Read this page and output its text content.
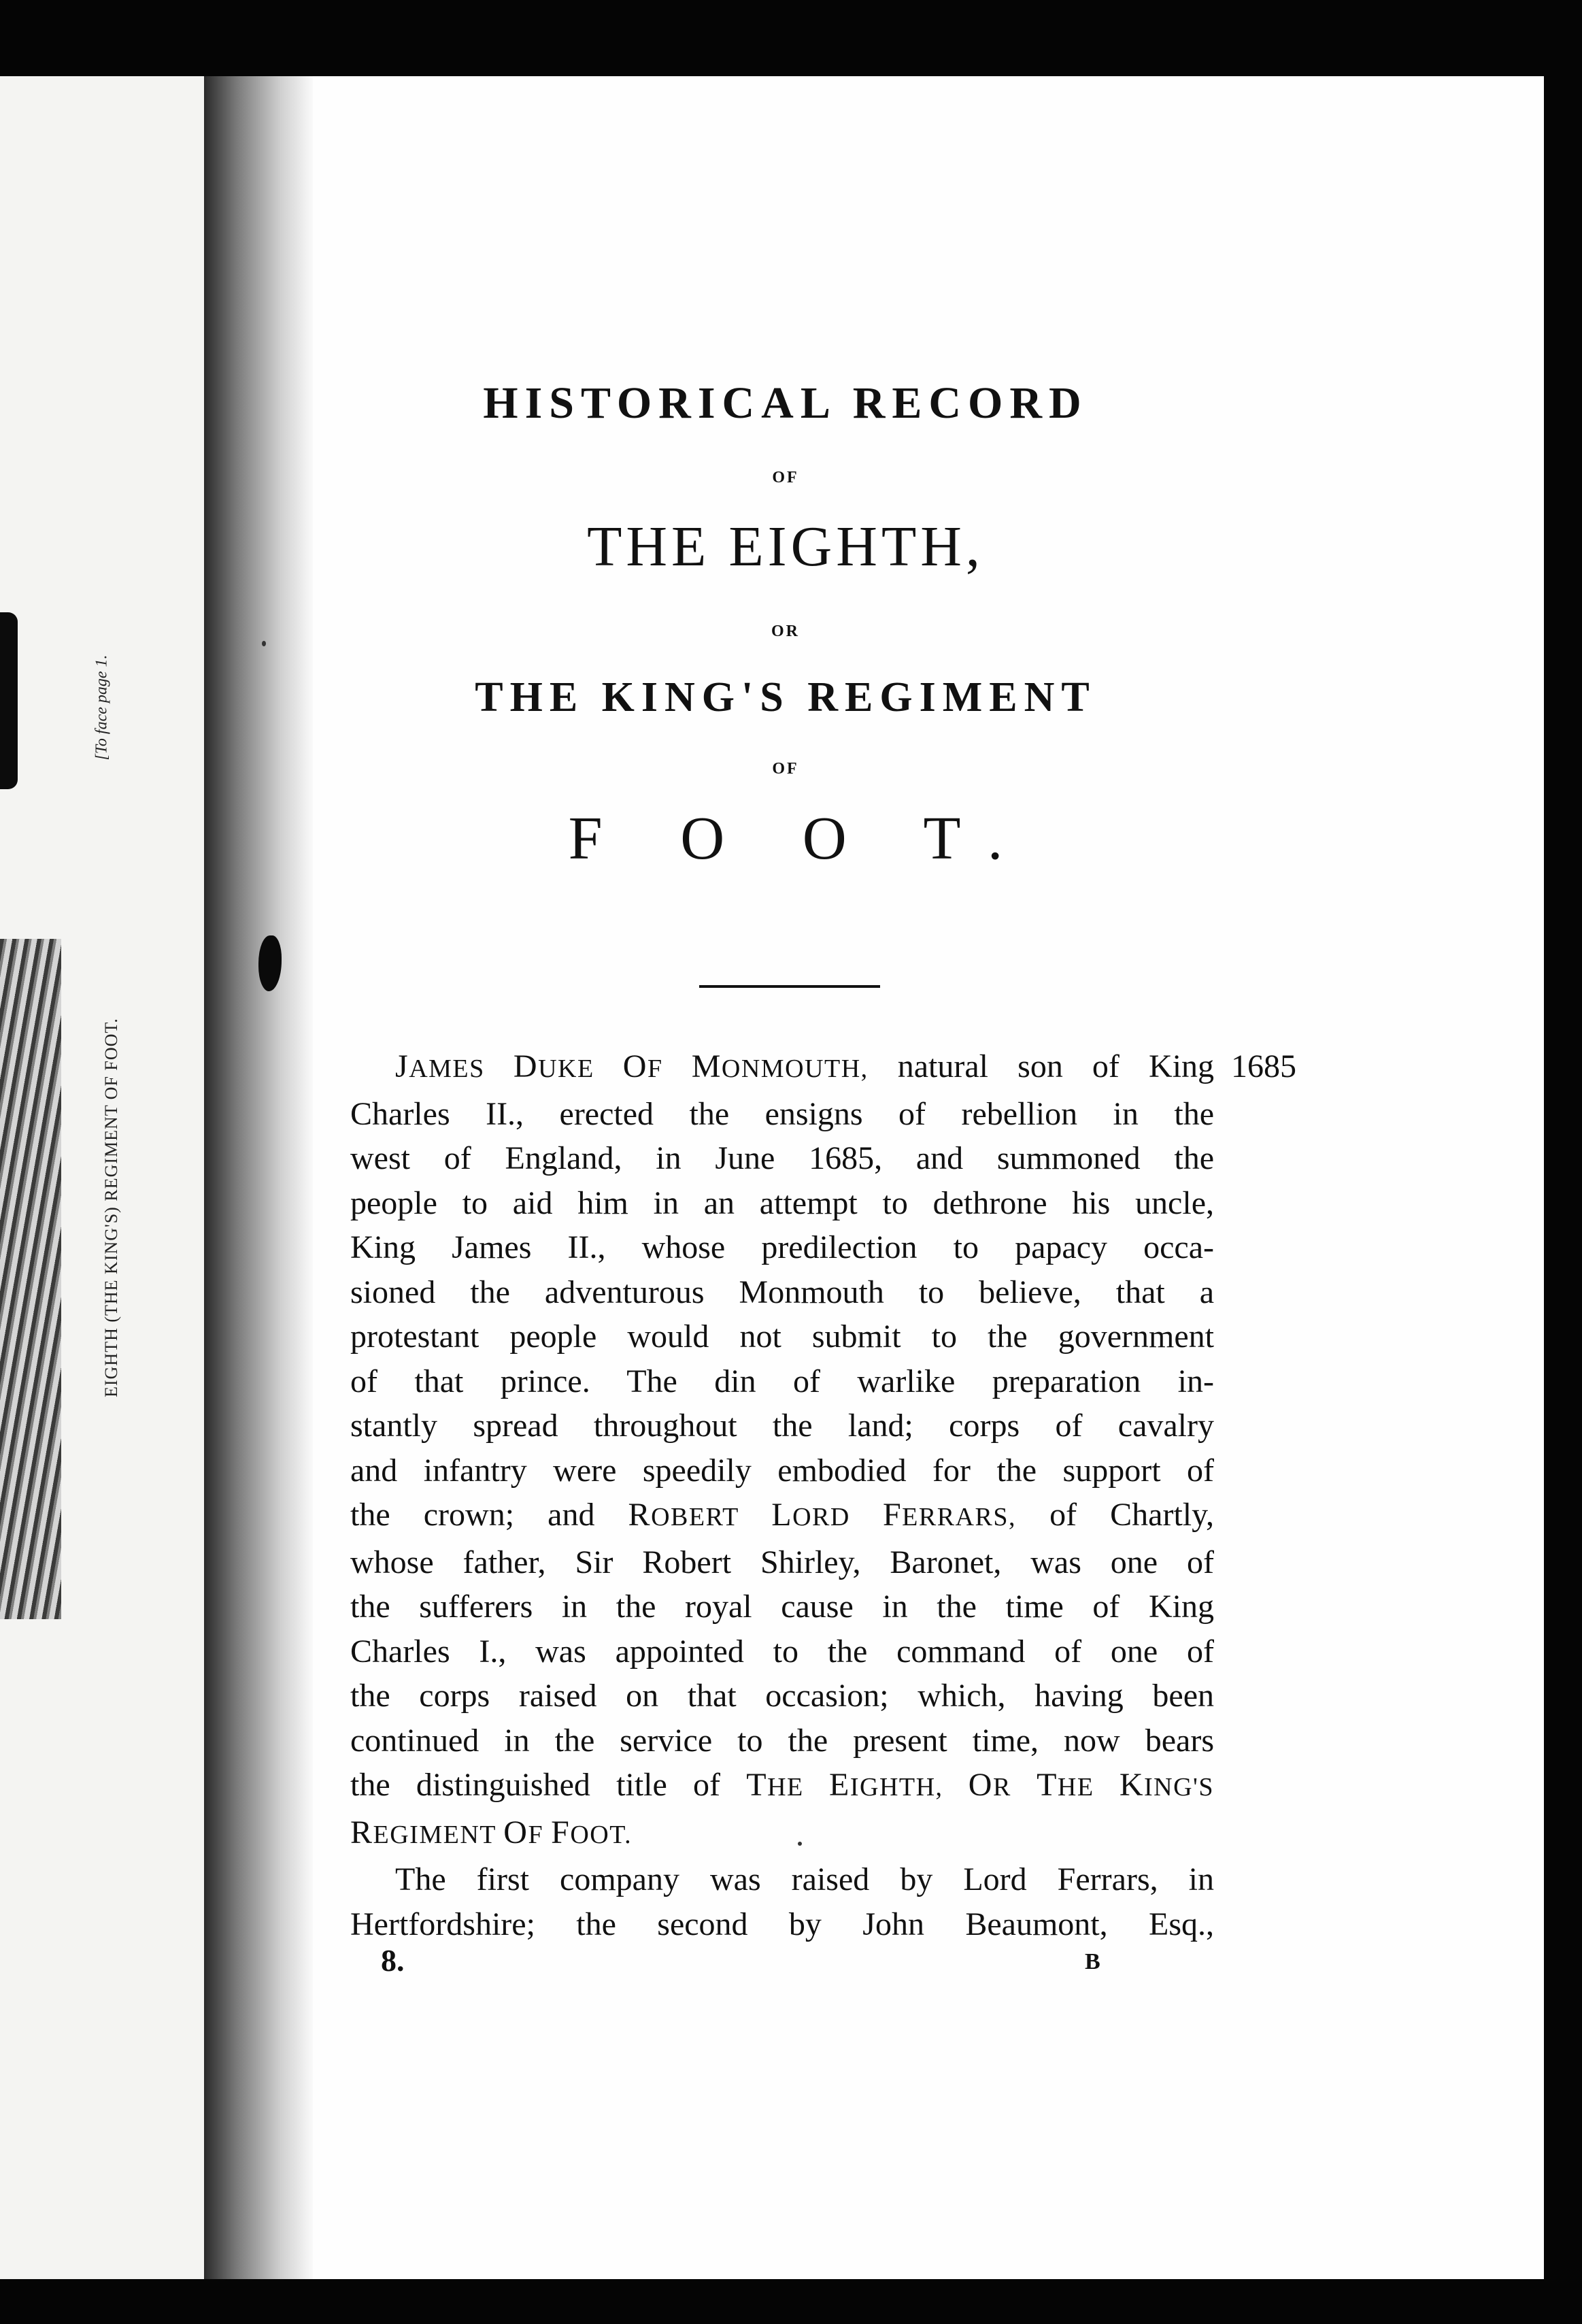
[To face page 1.
EIGHTH (THE KING'S) REGIMENT OF FOOT.
HISTORICAL RECORD
OF
THE EIGHTH,
OR
THE KING'S REGIMENT
OF
F O O T.
1685

JAMES DUKE OF MONMOUTH, natural son of King

Charles II., erected the ensigns of rebellion in the

west of England, in June 1685, and summoned the

people to aid him in an attempt to dethrone his uncle,

King James II., whose predilection to papacy occa-

sioned the adventurous Monmouth to believe, that a

protestant people would not submit to the government

of that prince. The din of warlike preparation in-

stantly spread throughout the land; corps of cavalry

and infantry were speedily embodied for the support of

the crown; and ROBERT LORD FERRARS, of Chartly,

whose father, Sir Robert Shirley, Baronet, was one of

the sufferers in the royal cause in the time of King

Charles I., was appointed to the command of one of

the corps raised on that occasion; which, having been

continued in the service to the present time, now bears

the distinguished title of THE EIGHTH, OR THE KING'S

REGIMENT OF FOOT.

The first company was raised by Lord Ferrars, in

Hertfordshire; the second by John Beaumont, Esq.,

8.	B
